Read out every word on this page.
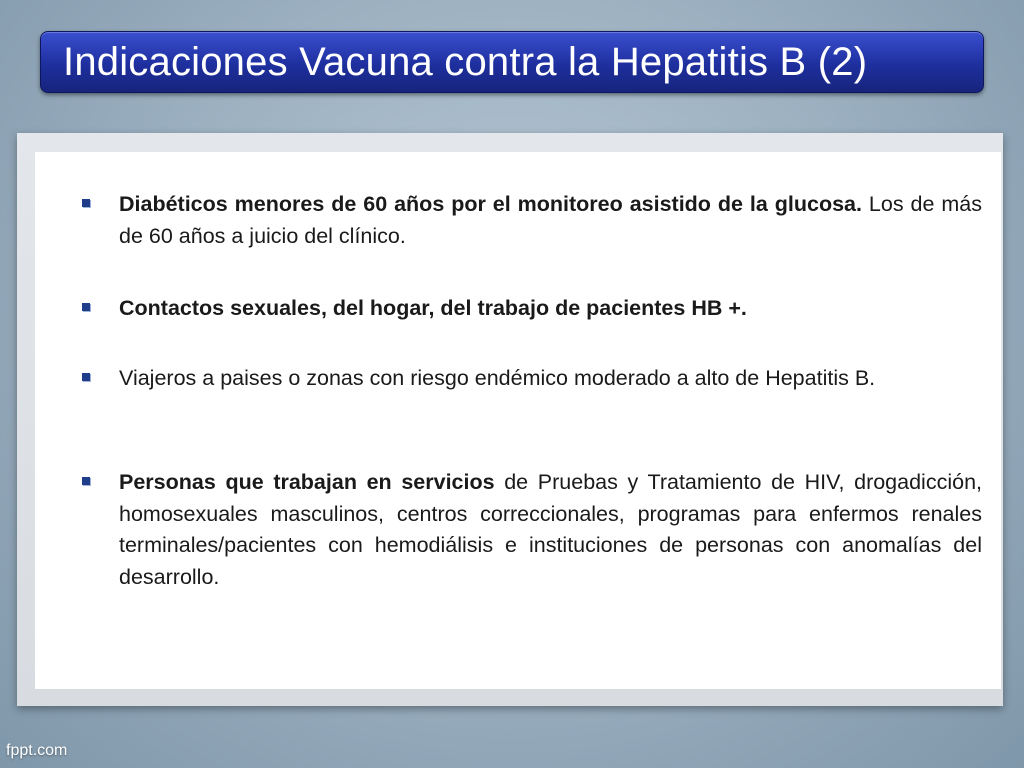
Indicaciones Vacuna contra la Hepatitis B (2)
Diabéticos menores de 60 años por el monitoreo asistido de la glucosa. Los de más de 60 años a juicio del clínico.
Contactos sexuales, del hogar, del trabajo de pacientes HB +.
Viajeros a paises o zonas con riesgo endémico moderado a alto de Hepatitis B.
Personas que trabajan en servicios de Pruebas y Tratamiento de HIV, drogadicción, homosexuales masculinos, centros correccionales, programas para enfermos renales terminales/pacientes con hemodiálisis e instituciones de personas con anomalías del desarrollo.
fppt.com
